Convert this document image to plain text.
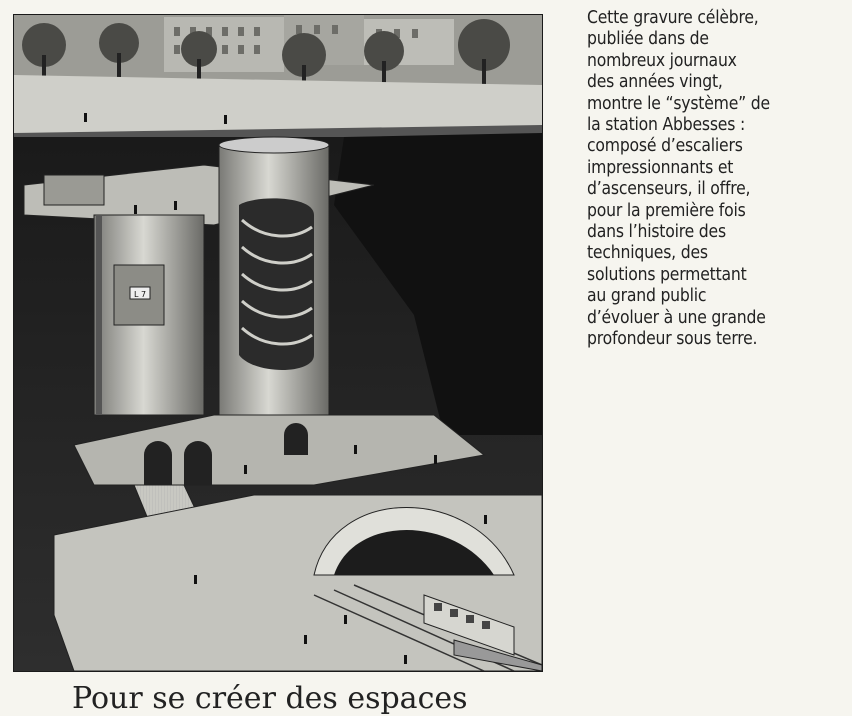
L 7

Cette gravure célèbre,
publiée dans de
nombreux journaux
des années vingt,
montre le “système” de
la station Abbesses :
composé d’escaliers
impressionnants et
d’ascenseurs, il offre,
pour la première fois
dans l’histoire des
techniques, des
solutions permettant
au grand public
d’évoluer à une grande
profondeur sous terre.

Pour se créer des espaces
